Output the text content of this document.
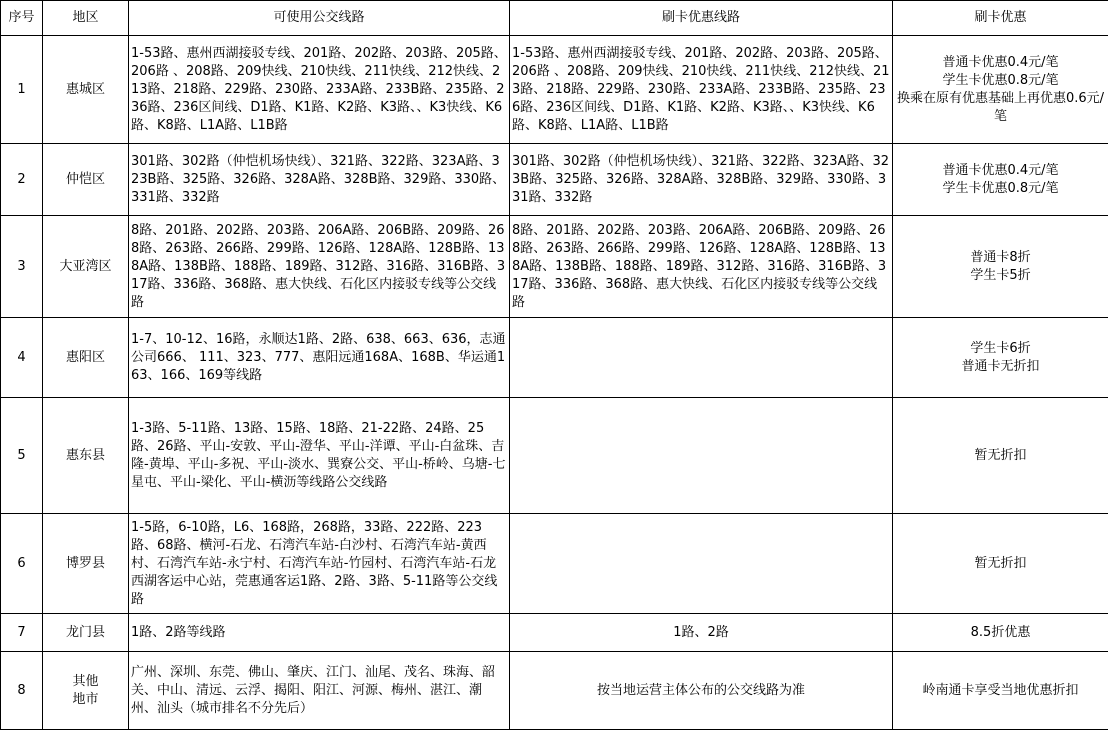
序号	地区	可使用公交线路	刷卡优惠线路	刷卡优惠
1	惠城区	1-53路、惠州西湖接驳专线、201路、202路、203路、205路、206路 、208路、209快线、210快线、211快线、212快线、213路、218路、229路、230路、233A路、233B路、235路、236路、236区间线、D1路、K1路、K2路、K3路、、K3快线、K6路、K8路、L1A路、L1B路	1-53路、惠州西湖接驳专线、201路、202路、203路、205路、206路 、208路、209快线、210快线、211快线、212快线、213路、218路、229路、230路、233A路、233B路、235路、236路、236区间线、D1路、K1路、K2路、K3路、、K3快线、K6路、K8路、L1A路、L1B路	普通卡优惠0.4元/笔
学生卡优惠0.8元/笔
换乘在原有优惠基础上再优惠0.6元/笔
2	仲恺区	301路、302路（仲恺机场快线）、321路、322路、323A路、323B路、325路、326路、328A路、328B路、329路、330路、331路、332路	301路、302路（仲恺机场快线）、321路、322路、323A路、323B路、325路、326路、328A路、328B路、329路、330路、331路、332路	普通卡优惠0.4元/笔
学生卡优惠0.8元/笔
3	大亚湾区	8路、201路、202路、203路、206A路、206B路、209路、268路、263路、266路、299路、126路、128A路、128B路、138A路、138B路、188路、189路、312路、316路、316B路、317路、336路、368路、惠大快线、石化区内接驳专线等公交线路	8路、201路、202路、203路、206A路、206B路、209路、268路、263路、266路、299路、126路、128A路、128B路、138A路、138B路、188路、189路、312路、316路、316B路、317路、336路、368路、惠大快线、石化区内接驳专线等公交线路	普通卡8折
学生卡5折
4	惠阳区	1-7、10-12、16路，永顺达1路、2路、638、663、636，志通公司666、 111、323、777、惠阳远通168A、168B、华运通163、166、169等线路		学生卡6折
普通卡无折扣
5	惠东县	1-3路、5-11路、13路、15路、18路、21-22路、24路、25路、26路、平山-安敦、平山-澄华、平山-洋谭、平山-白盆珠、吉隆-黄埠、平山-多祝、平山-淡水、巽寮公交、平山-桥岭、乌塘-七星屯、平山-梁化、平山-横沥等线路公交线路		暂无折扣
6	博罗县	1-5路，6-10路，L6、168路，268路，33路、222路、223路、68路、横河-石龙、石湾汽车站-白沙村、石湾汽车站-黄西村、石湾汽车站-永宁村、石湾汽车站-竹园村、石湾汽车站-石龙西湖客运中心站，莞惠通客运1路、2路、3路、5-11路等公交线路		暂无折扣
7	龙门县	1路、2路等线路	1路、2路	8.5折优惠
8	其他
地市	广州、深圳、东莞、佛山、肇庆、江门、汕尾、茂名、珠海、韶关、中山、清远、云浮、揭阳、阳江、河源、梅州、湛江、潮州、汕头（城市排名不分先后）	按当地运营主体公布的公交线路为准	岭南通卡享受当地优惠折扣
